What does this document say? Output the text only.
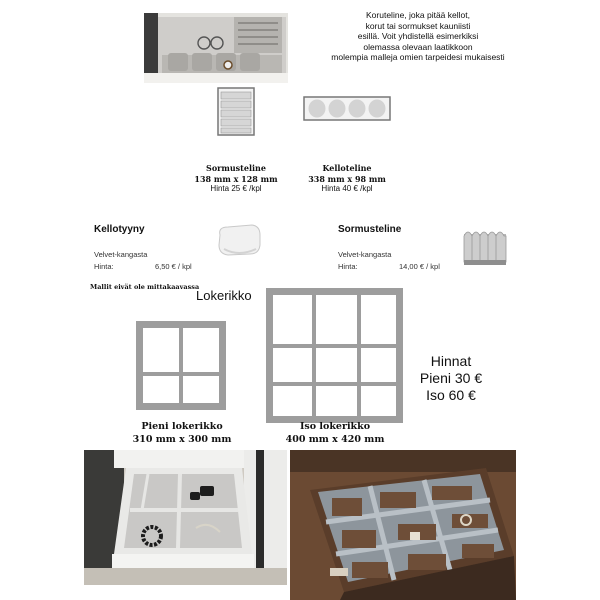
Koruteline, joka pitää kellot,
korut tai sormukset kauniisti
esillä. Voit yhdistellä esimerkiksi
olemassa olevaan laatikkoon
molempia malleja omien tarpeidesi mukaisesti
Sormusteline
138 mm x 128 mm
Hinta 25 € /kpl
Kelloteline
338 mm x 98 mm
Hinta 40 € /kpl
Kellotyyny
Velvet-kangasta
Hinta:	6,50 € / kpl
Sormusteline
Velvet-kangasta
Hinta:	14,00 € / kpl
Mallit eivät ole mittakaavassa
Lokerikko
Hinnat
Pieni 30 €
Iso 60 €
Pieni lokerikko
310 mm x 300 mm
Iso lokerikko
400 mm x 420 mm
